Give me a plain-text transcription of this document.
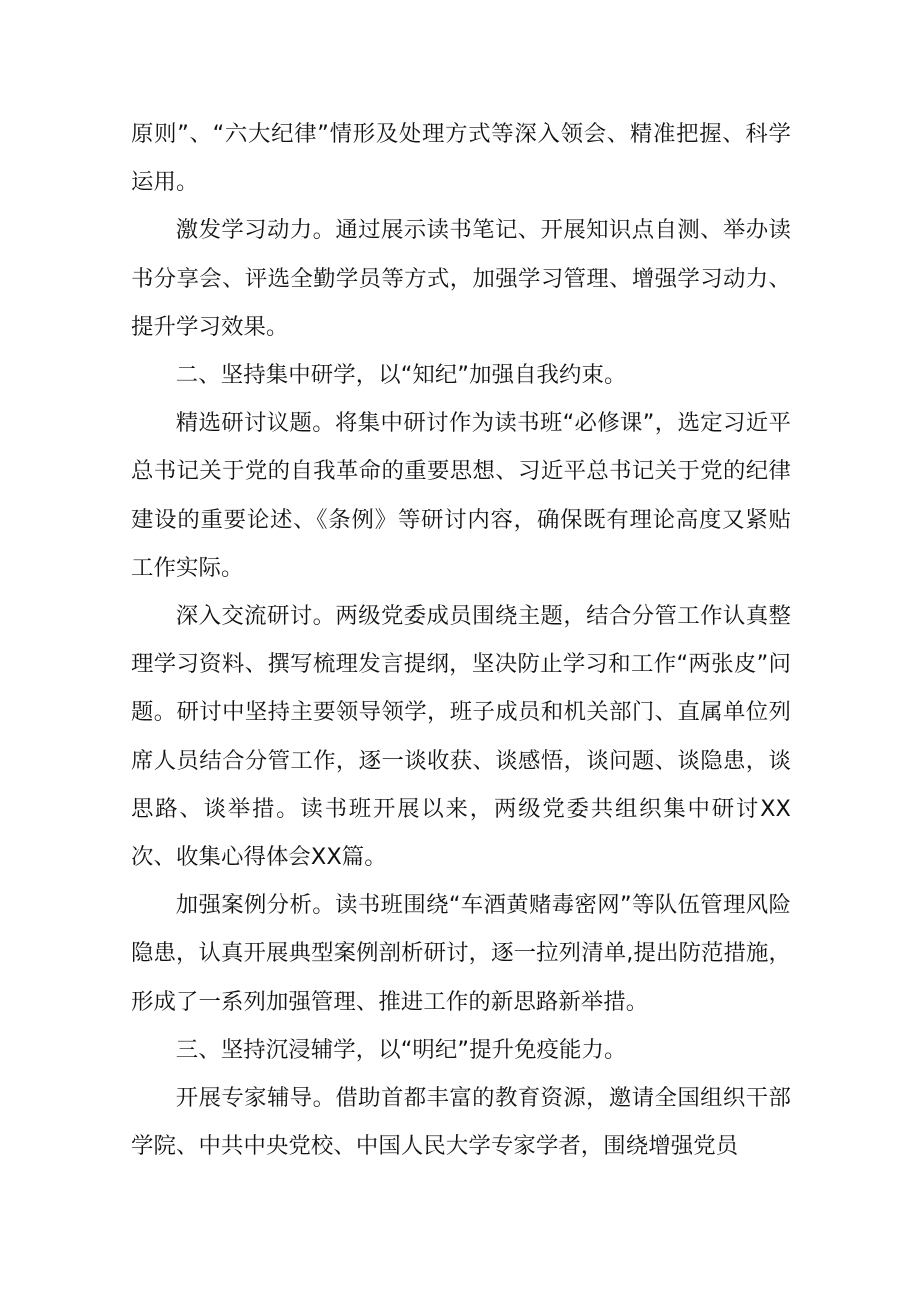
原则”、“六大纪律”情形及处理方式等深入领会、精准把握、科学运用。

激发学习动力。通过展示读书笔记、开展知识点自测、举办读书分享会、评选全勤学员等方式，加强学习管理、增强学习动力、提升学习效果。

二、坚持集中研学，以“知纪”加强自我约束。

精选研讨议题。将集中研讨作为读书班“必修课”，选定习近平总书记关于党的自我革命的重要思想、习近平总书记关于党的纪律建设的重要论述、《条例》等研讨内容，确保既有理论高度又紧贴工作实际。

深入交流研讨。两级党委成员围绕主题，结合分管工作认真整理学习资料、撰写梳理发言提纲，坚决防止学习和工作“两张皮”问题。研讨中坚持主要领导领学，班子成员和机关部门、直属单位列席人员结合分管工作，逐一谈收获、谈感悟，谈问题、谈隐患，谈思路、谈举措。读书班开展以来，两级党委共组织集中研讨XX次、收集心得体会XX篇。

加强案例分析。读书班围绕“车酒黄赌毒密网”等队伍管理风险隐患，认真开展典型案例剖析研讨，逐一拉列清单,提出防范措施，形成了一系列加强管理、推进工作的新思路新举措。

三、坚持沉浸辅学，以“明纪”提升免疫能力。

开展专家辅导。借助首都丰富的教育资源，邀请全国组织干部学院、中共中央党校、中国人民大学专家学者，围绕增强党员
